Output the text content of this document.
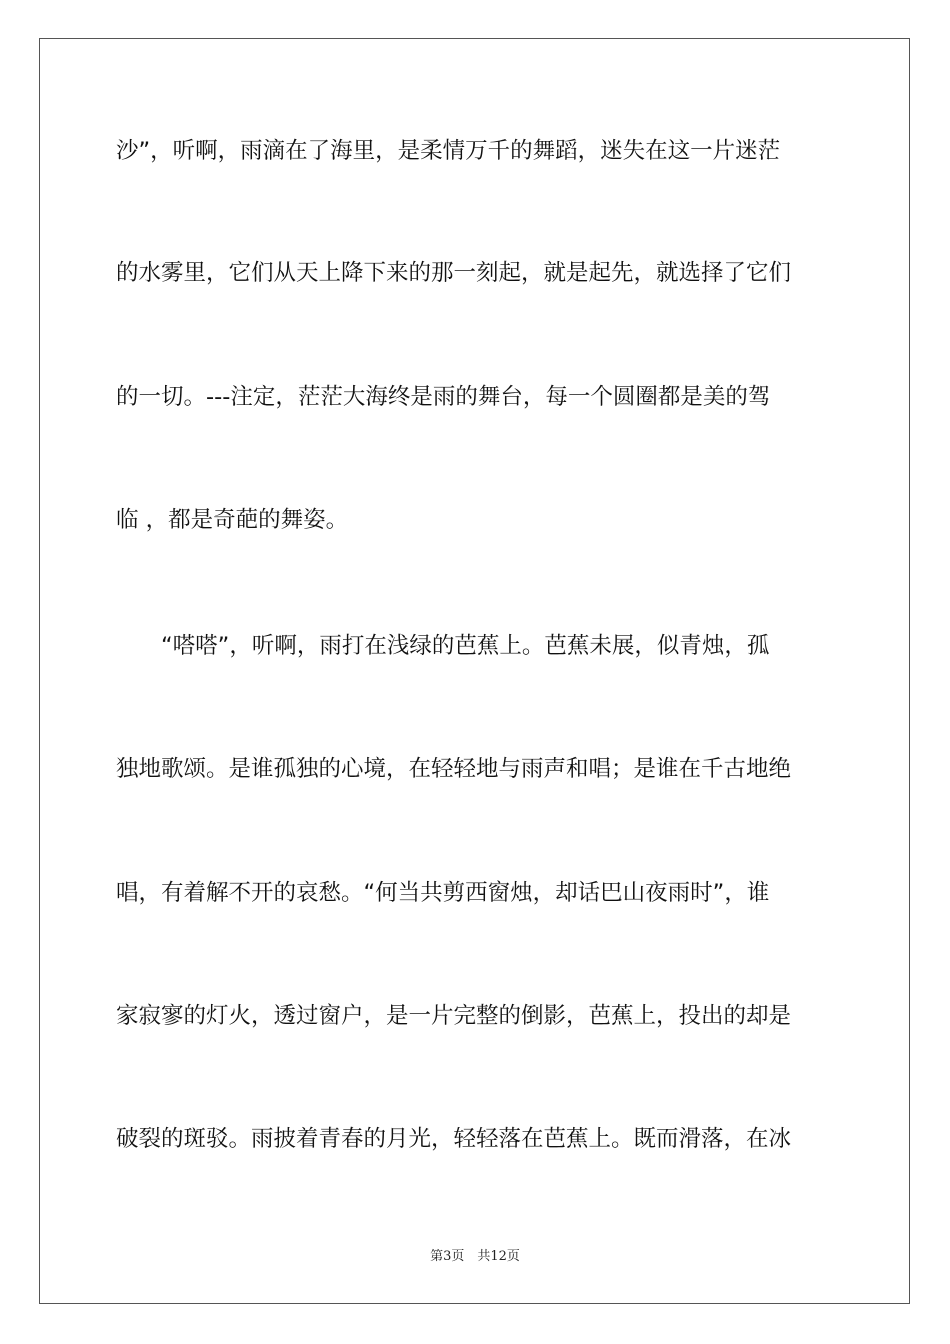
沙”，听啊，雨滴在了海里，是柔情万千的舞蹈，迷失在这一片迷茫
的水雾里，它们从天上降下来的那一刻起，就是起先，就选择了它们
的一切。---注定，茫茫大海终是雨的舞台，每一个圆圈都是美的驾
临 ，都是奇葩的舞姿。
“嗒嗒”，听啊，雨打在浅绿的芭蕉上。芭蕉未展，似青烛，孤
独地歌颂。是谁孤独的心境，在轻轻地与雨声和唱；是谁在千古地绝
唱，有着解不开的哀愁。“何当共剪西窗烛，却话巴山夜雨时”，谁
家寂寥的灯火，透过窗户，是一片完整的倒影，芭蕉上，投出的却是
破裂的斑驳。雨披着青春的月光，轻轻落在芭蕉上。既而滑落，在冰
第3页　共12页
